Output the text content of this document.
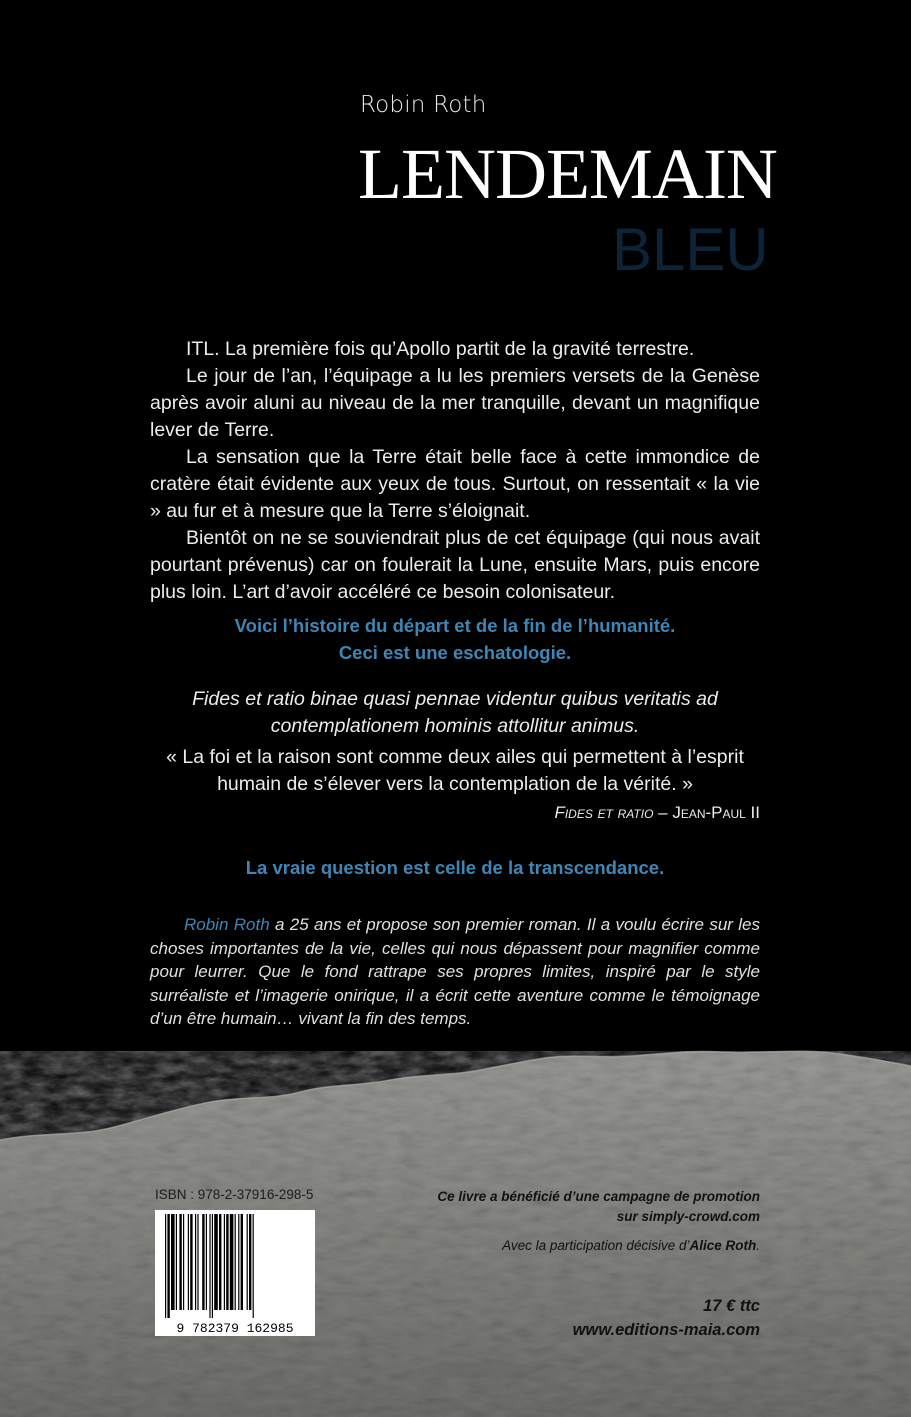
Robin Roth
LENDEMAIN
BLEU

ITL. La première fois qu’Apollo partit de la gravité terrestre.

Le jour de l’an, l’équipage a lu les premiers versets de la Genèse après avoir aluni au niveau de la mer tranquille, devant un magnifique lever de Terre.

La sensation que la Terre était belle face à cette immondice de cratère était évidente aux yeux de tous. Surtout, on ressentait « la vie » au fur et à mesure que la Terre s’éloignait.

Bientôt on ne se souviendrait plus de cet équipage (qui nous avait pourtant prévenus) car on foulerait la Lune, ensuite Mars, puis encore plus loin. L’art d’avoir accéléré ce besoin colonisateur.

Voici l’histoire du départ et de la fin de l’humanité.
Ceci est une eschatologie.
Fides et ratio binae quasi pennae videntur quibus veritatis ad
contemplationem hominis attollitur animus.
« La foi et la raison sont comme deux ailes qui permettent à l’esprit
humain de s’élever vers la contemplation de la vérité. »
Fides et ratio – Jean-Paul II
La vraie question est celle de la transcendance.

Robin Roth a 25 ans et propose son premier roman. Il a voulu écrire sur les choses importantes de la vie, celles qui nous dépassent pour magnifier comme pour leurrer. Que le fond rattrape ses propres limites, inspiré par le style surréaliste et l’imagerie onirique, il a écrit cette aventure comme le témoignage d’un être humain… vivant la fin des temps.

ISBN : 978-2-37916-298-5
9 782379 162985
Ce livre a bénéficié d’une campagne de promotion
sur simply-crowd.com
Avec la participation décisive d’Alice Roth.
17 € ttc
www.editions-maia.com
